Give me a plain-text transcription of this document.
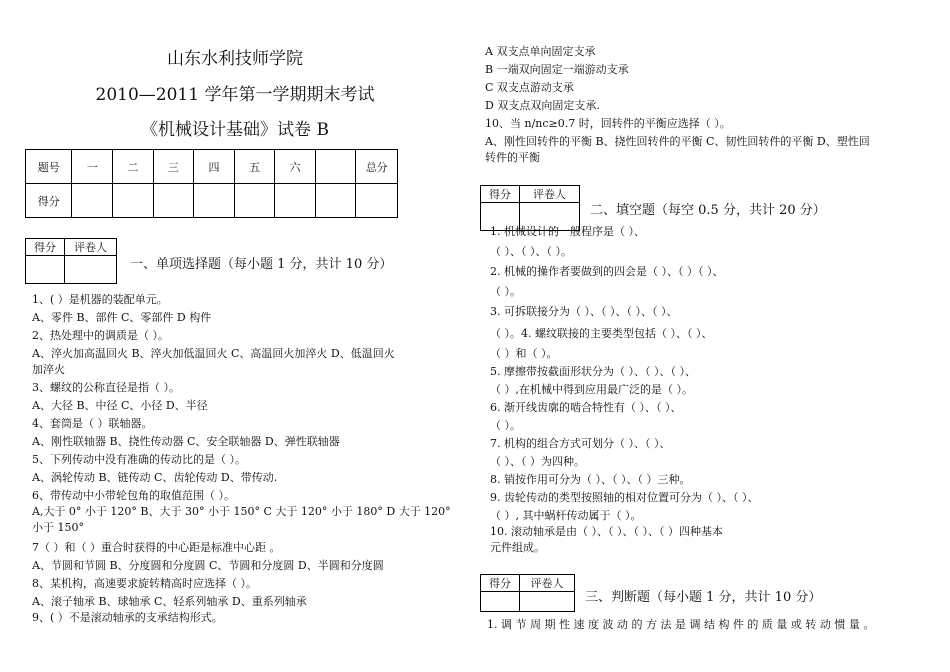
山东水利技师学院
2010—2011 学年第一学期期末考试
《机械设计基础》试卷 B
题号	一	二	三	四	五	六		总分
得分								
得分	评卷人

一、单项选择题（每小题 1 分，共计 10 分）
1、( ）是机器的装配单元。
A、零件 B、部件 C、零部件 D 构件
2、热处理中的调质是（ ）。
A、淬火加高温回火 B、淬火加低温回火 C、高温回火加淬火 D、低温回火
加淬火
3、螺纹的公称直径是指（ ）。
A、大径 B、中径 C、小径 D、半径
4、套筒是（ ）联轴器。
A、刚性联轴器 B、挠性传动器 C、安全联轴器 D、弹性联轴器
5、下列传动中没有准确的传动比的是（ ）。
A、涡轮传动 B、链传动 C、齿轮传动 D、带传动.
6、带传动中小带轮包角的取值范围（ ）。
A,大于 0° 小于 120° B、大于 30° 小于 150° C 大于 120° 小于 180° D 大于 120°
小于 150°
7（ ）和（ ）重合时获得的中心距是标准中心距 。
A、节圆和节圆 B、分度圆和分度圆 C、节圆和分度圆 D、半圆和分度圆
8、某机构，高速要求旋转精高时应选择（ ）。
A、滚子轴承 B、球轴承 C、轻系列轴承 D、重系列轴承
9、( ）不是滚动轴承的支承结构形式。
A 双支点单向固定支承
B 一端双向固定一端游动支承
C 双支点游动支承
D 双支点双向固定支承.
10、当 n/nc≥0.7 时，回转件的平衡应选择（ ）。
A、刚性回转件的平衡 B、挠性回转件的平衡 C、韧性回转件的平衡 D、塑性回
转件的平衡
得分	评卷人

二、填空题（每空 0.5 分，共计 20 分）
1. 机械设计的一般程序是（ ）、
（ ）、（ ）、（ ）。
2. 机械的操作者要做到的四会是（ ）、（ ）（ ）、
（ ）。
3. 可拆联接分为（ ）、（ ）、（ ）、（ ）、
（ ）。4. 螺纹联接的主要类型包括（ ）、（ ）、
（ ）和（ ）。
5. 摩擦带按截面形状分为（ ）、（ ）、（ ）、
（ ）,在机械中得到应用最广泛的是（ ）。
6. 渐开线齿廓的啮合特性有（ ）、（ ）、
（ ）。
7. 机构的组合方式可划分（ ）、（ ）、
（ ）、（ ）为四种。
8. 销按作用可分为（ ）、（ ）、（ ）三种。
9. 齿轮传动的类型按照轴的相对位置可分为（ ）、（ ）、
（ ）, 其中蜗杆传动属于（ ）。
10. 滚动轴承是由（ ）、（ ）、（ ）、（ ）四种基本
元件组成。
得分	评卷人

三、判断题（每小题 1 分，共计 10 分）
1. 调 节 周 期 性 速 度 波 动 的 方 法 是 调 结 构 件 的 质 量 或 转 动 惯 量 。
